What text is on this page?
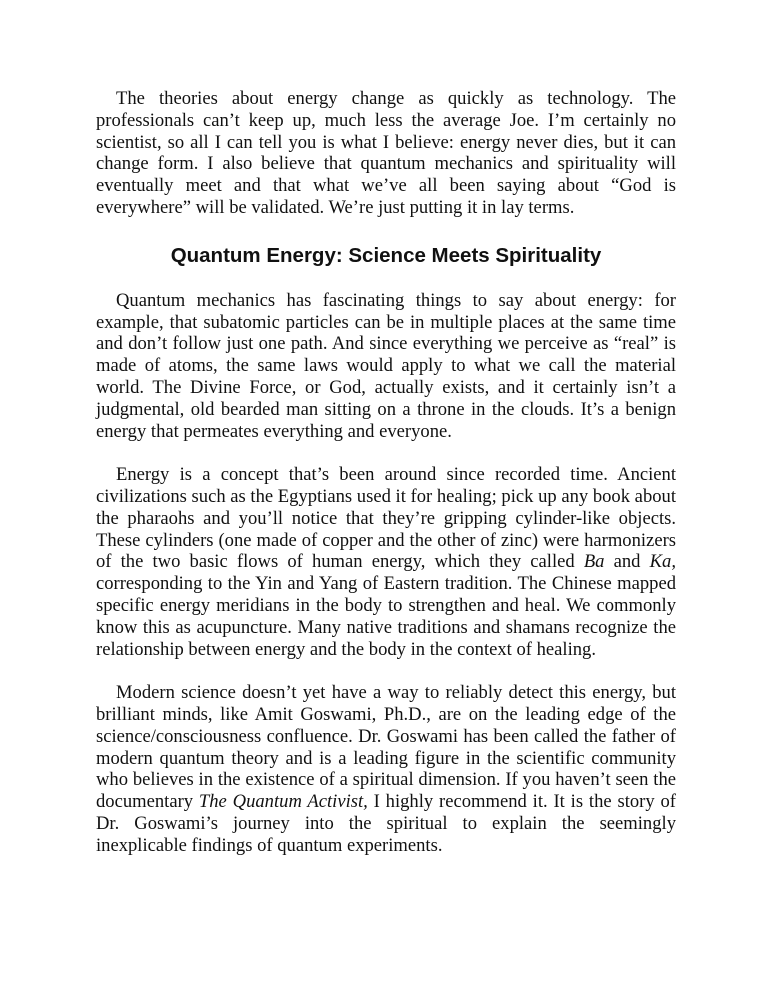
The theories about energy change as quickly as technology. The professionals can’t keep up, much less the average Joe. I’m certainly no scientist, so all I can tell you is what I believe: energy never dies, but it can change form. I also believe that quantum mechanics and spirituality will eventually meet and that what we’ve all been saying about “God is everywhere” will be validated. We’re just putting it in lay terms.

Quantum Energy: Science Meets Spirituality

Quantum mechanics has fascinating things to say about energy: for example, that subatomic particles can be in multiple places at the same time and don’t follow just one path. And since everything we perceive as “real” is made of atoms, the same laws would apply to what we call the material world. The Divine Force, or God, actually exists, and it certainly isn’t a judgmental, old bearded man sitting on a throne in the clouds. It’s a benign energy that permeates everything and everyone.

Energy is a concept that’s been around since recorded time. Ancient civilizations such as the Egyptians used it for healing; pick up any book about the pharaohs and you’ll notice that they’re gripping cylinder-like objects. These cylinders (one made of copper and the other of zinc) were harmonizers of the two basic flows of human energy, which they called Ba and Ka, corresponding to the Yin and Yang of Eastern tradition. The Chinese mapped specific energy meridians in the body to strengthen and heal. We commonly know this as acupuncture. Many native traditions and shamans recognize the relationship between energy and the body in the context of healing.

Modern science doesn’t yet have a way to reliably detect this energy, but brilliant minds, like Amit Goswami, Ph.D., are on the leading edge of the science/consciousness confluence. Dr. Goswami has been called the father of modern quantum theory and is a leading figure in the scientific community who believes in the existence of a spiritual dimension. If you haven’t seen the documentary The Quantum Activist, I highly recommend it. It is the story of Dr. Goswami’s journey into the spiritual to explain the seemingly inexplicable findings of quantum experiments.
